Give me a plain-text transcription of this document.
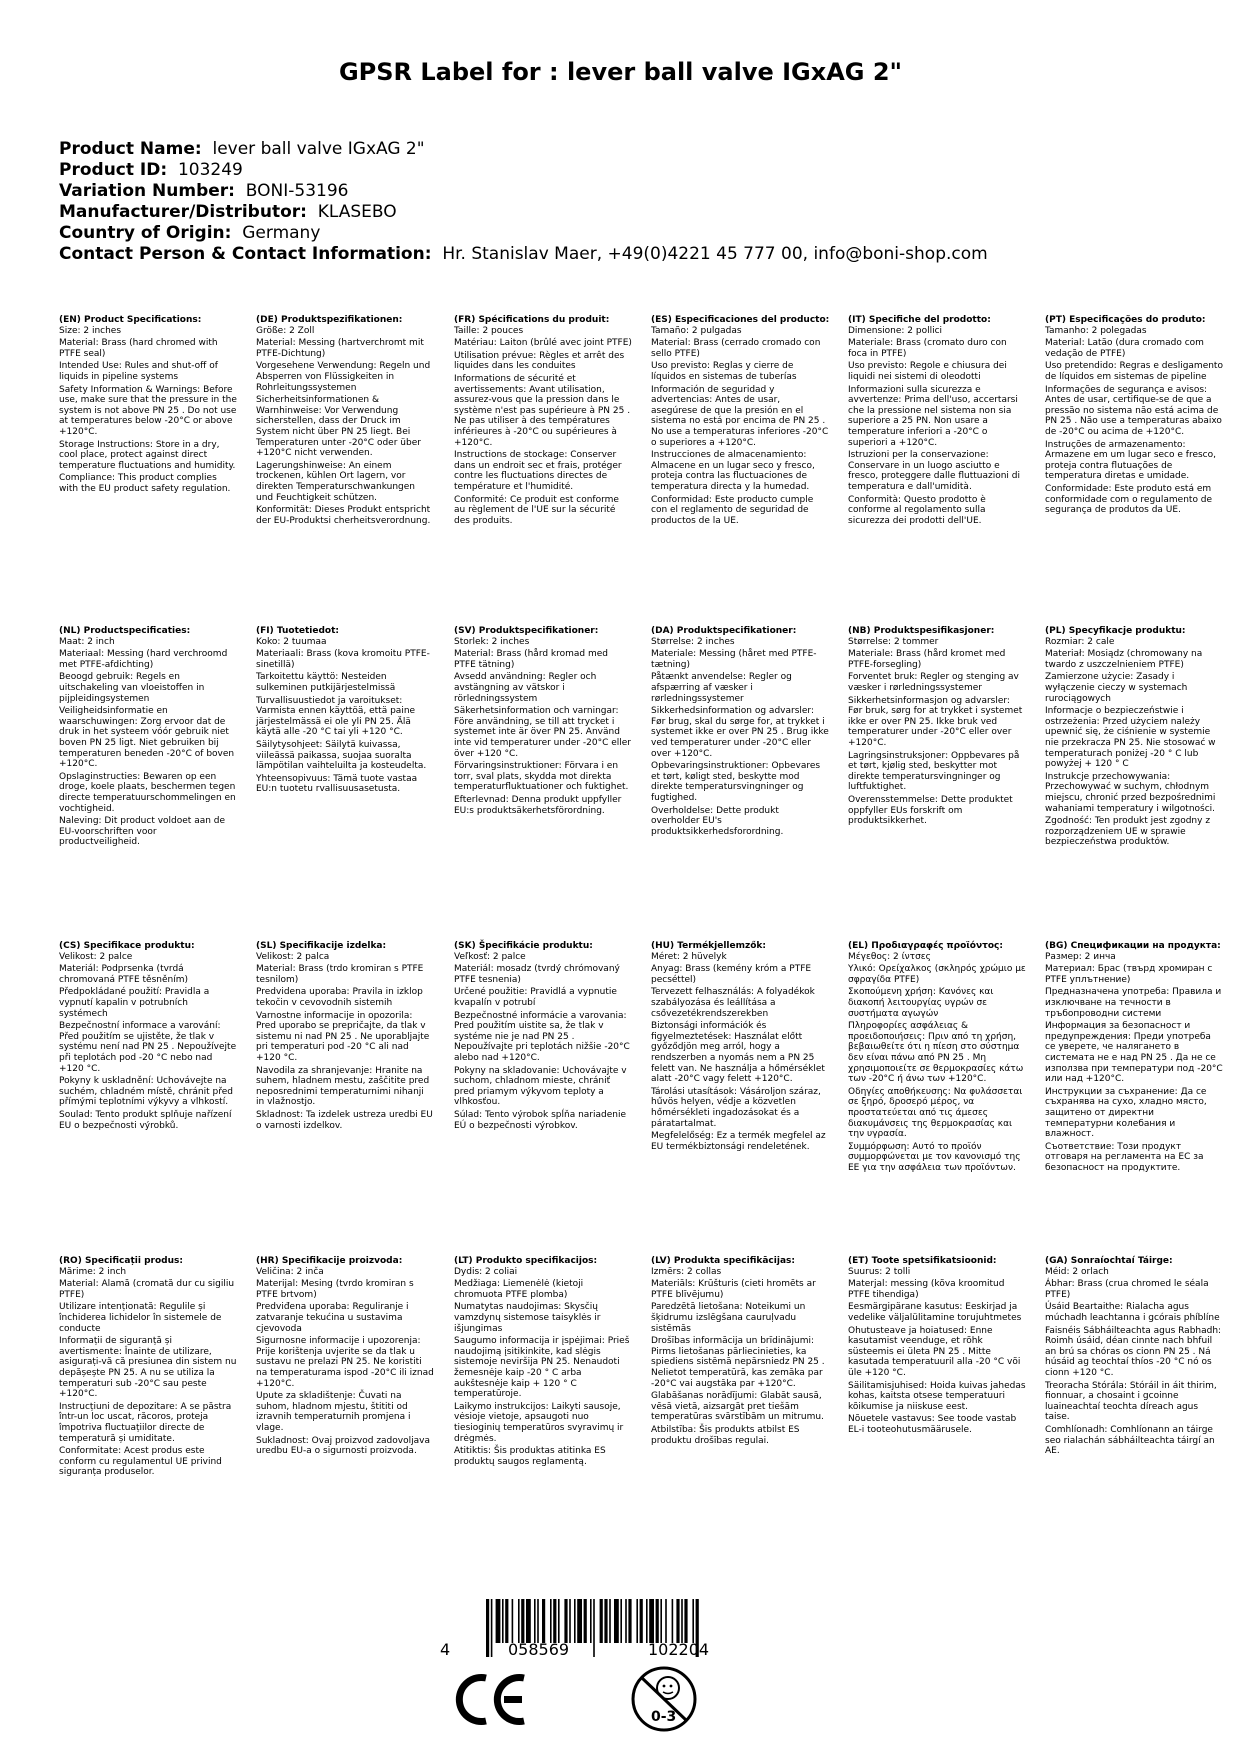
GPSR Label for : lever ball valve IGxAG 2"
Product Name: lever ball valve IGxAG 2"
Product ID: 103249
Variation Number: BONI-53196
Manufacturer/Distributor: KLASEBO
Country of Origin: Germany
Contact Person & Contact Information: Hr. Stanislav Maer, +49(0)4221 45 777 00, info@boni-shop.com
(EN) Product Specifications:
Size: 2 inches
Material: Brass (hard chromed with PTFE seal)
Intended Use: Rules and shut-off of liquids in pipeline systems
Safety Information & Warnings: Before use, make sure that the pressure in the system is not above PN 25 . Do not use at temperatures below -20°C or above +120°C.
Storage Instructions: Store in a dry, cool place, protect against direct temperature fluctuations and humidity.
Compliance: This product complies with the EU product safety regulation.
(DE) Produktspezifikationen:
Größe: 2 Zoll
Material: Messing (hartverchromt mit PTFE-Dichtung)
Vorgesehene Verwendung: Regeln und Absperren von Flüssigkeiten in Rohrleitungssystemen
Sicherheitsinformationen & Warnhinweise: Vor Verwendung sicherstellen, dass der Druck im System nicht über PN 25 liegt. Bei Temperaturen unter -20°C oder über +120°C nicht verwenden.
Lagerungshinweise: An einem trockenen, kühlen Ort lagern, vor direkten Temperaturschwankungen und Feuchtigkeit schützen.
Konformität: Dieses Produkt entspricht der EU-Produktsi cherheitsverordnung.
(FR) Spécifications du produit:
Taille: 2 pouces
Matériau: Laiton (brûlé avec joint PTFE)
Utilisation prévue: Règles et arrêt des liquides dans les conduites
Informations de sécurité et avertissements: Avant utilisation, assurez-vous que la pression dans le système n'est pas supérieure à PN 25 . Ne pas utiliser à des températures inférieures à -20°C ou supérieures à +120°C.
Instructions de stockage: Conserver dans un endroit sec et frais, protéger contre les fluctuations directes de température et l'humidité.
Conformité: Ce produit est conforme au règlement de l'UE sur la sécurité des produits.
(ES) Especificaciones del producto:
Tamaño: 2 pulgadas
Material: Brass (cerrado cromado con sello PTFE)
Uso previsto: Reglas y cierre de líquidos en sistemas de tuberías
Información de seguridad y advertencias: Antes de usar, asegúrese de que la presión en el sistema no está por encima de PN 25 . No use a temperaturas inferiores -20°C o superiores a +120°C.
Instrucciones de almacenamiento: Almacene en un lugar seco y fresco, proteja contra las fluctuaciones de temperatura directa y la humedad.
Conformidad: Este producto cumple con el reglamento de seguridad de productos de la UE.
(IT) Specifiche del prodotto:
Dimensione: 2 pollici
Materiale: Brass (cromato duro con foca in PTFE)
Uso previsto: Regole e chiusura dei liquidi nei sistemi di oleodotti
Informazioni sulla sicurezza e avvertenze: Prima dell'uso, accertarsi che la pressione nel sistema non sia superiore a 25 PN. Non usare a temperature inferiori a -20°C o superiori a +120°C.
Istruzioni per la conservazione: Conservare in un luogo asciutto e fresco, proteggere dalle fluttuazioni di temperatura e dall'umidità.
Conformità: Questo prodotto è conforme al regolamento sulla sicurezza dei prodotti dell'UE.
(PT) Especificações do produto:
Tamanho: 2 polegadas
Material: Latão (dura cromado com vedação de PTFE)
Uso pretendido: Regras e desligamento de líquidos em sistemas de pipeline
Informações de segurança e avisos: Antes de usar, certifique-se de que a pressão no sistema não está acima de PN 25 . Não use a temperaturas abaixo de -20°C ou acima de +120°C.
Instruções de armazenamento: Armazene em um lugar seco e fresco, proteja contra flutuações de temperatura diretas e umidade.
Conformidade: Este produto está em conformidade com o regulamento de segurança de produtos da UE.
(NL) Productspecificaties:
Maat: 2 inch
Materiaal: Messing (hard verchroomd met PTFE-afdichting)
Beoogd gebruik: Regels en uitschakeling van vloeistoffen in pijpleidingsystemen
Veiligheidsinformatie en waarschuwingen: Zorg ervoor dat de druk in het systeem vóór gebruik niet boven PN 25 ligt. Niet gebruiken bij temperaturen beneden -20°C of boven +120°C.
Opslaginstructies: Bewaren op een droge, koele plaats, beschermen tegen directe temperatuurschommelingen en vochtigheid.
Naleving: Dit product voldoet aan de EU-voorschriften voor productveiligheid.
(FI) Tuotetiedot:
Koko: 2 tuumaa
Materiaali: Brass (kova kromoitu PTFE-sinetillä)
Tarkoitettu käyttö: Nesteiden sulkeminen putkijärjestelmissä
Turvallisuustiedot ja varoitukset: Varmista ennen käyttöä, että paine järjestelmässä ei ole yli PN 25. Älä käytä alle -20 °C tai yli +120 °C.
Säilytysohjeet: Säilytä kuivassa, viileässä paikassa, suojaa suoralta lämpötilan vaihteluilta ja kosteudelta.
Yhteensopivuus: Tämä tuote vastaa EU:n tuotetu rvallisuusasetusta.
(SV) Produktspecifikationer:
Storlek: 2 inches
Material: Brass (hård kromad med PTFE tätning)
Avsedd användning: Regler och avstängning av vätskor i rörledningssystem
Säkerhetsinformation och varningar: Före användning, se till att trycket i systemet inte är över PN 25. Använd inte vid temperaturer under -20°C eller över +120 °C.
Förvaringsinstruktioner: Förvara i en torr, sval plats, skydda mot direkta temperaturfluktuationer och fuktighet.
Efterlevnad: Denna produkt uppfyller EU:s produktsäkerhetsförordning.
(DA) Produktspecifikationer:
Størrelse: 2 inches
Materiale: Messing (håret med PTFE-tætning)
Påtænkt anvendelse: Regler og afspærring af væsker i rørledningssystemer
Sikkerhedsinformation og advarsler: Før brug, skal du sørge for, at trykket i systemet ikke er over PN 25 . Brug ikke ved temperaturer under -20°C eller over +120°C.
Opbevaringsinstruktioner: Opbevares et tørt, køligt sted, beskytte mod direkte temperatursvingninger og fugtighed.
Overholdelse: Dette produkt overholder EU's produktsikkerhedsforordning.
(NB) Produktspesifikasjoner:
Størrelse: 2 tommer
Materiale: Brass (hård kromet med PTFE-forsegling)
Forventet bruk: Regler og stenging av væsker i rørledningssystemer
Sikkerhetsinformasjon og advarsler: Før bruk, sørg for at trykket i systemet ikke er over PN 25. Ikke bruk ved temperaturer under -20°C eller over +120°C.
Lagringsinstruksjoner: Oppbevares på et tørt, kjølig sted, beskytter mot direkte temperatursvingninger og luftfuktighet.
Overensstemmelse: Dette produktet oppfyller EUs forskrift om produktsikkerhet.
(PL) Specyfikacje produktu:
Rozmiar: 2 cale
Materiał: Mosiądz (chromowany na twardo z uszczelnieniem PTFE)
Zamierzone użycie: Zasady i wyłączenie cieczy w systemach rurociągowych
Informacje o bezpieczeństwie i ostrzeżenia: Przed użyciem należy upewnić się, że ciśnienie w systemie nie przekracza PN 25. Nie stosować w temperaturach poniżej -20 ° C lub powyżej + 120 ° C
Instrukcje przechowywania: Przechowywać w suchym, chłodnym miejscu, chronić przed bezpośrednimi wahaniami temperatury i wilgotności.
Zgodność: Ten produkt jest zgodny z rozporządzeniem UE w sprawie bezpieczeństwa produktów.
(CS) Specifikace produktu:
Velikost: 2 palce
Materiál: Podprsenka (tvrdá chromovaná PTFE těsněním)
Předpokládané použití: Pravidla a vypnutí kapalin v potrubních systémech
Bezpečnostní informace a varování: Před použitím se ujistěte, že tlak v systému není nad PN 25 . Nepoužívejte při teplotách pod -20 °C nebo nad +120 °C.
Pokyny k uskladnění: Uchovávejte na suchém, chladném místě, chránit před přímými teplotními výkyvy a vlhkostí.
Soulad: Tento produkt splňuje nařízení EU o bezpečnosti výrobků.
(SL) Specifikacije izdelka:
Velikost: 2 palca
Material: Brass (trdo kromiran s PTFE tesnilom)
Predvidena uporaba: Pravila in izklop tekočin v cevovodnih sistemih
Varnostne informacije in opozorila: Pred uporabo se prepričajte, da tlak v sistemu ni nad PN 25 . Ne uporabljajte pri temperaturi pod -20 °C ali nad +120 °C.
Navodila za shranjevanje: Hranite na suhem, hladnem mestu, zaščitite pred neposrednimi temperaturnimi nihanji in vlažnostjo.
Skladnost: Ta izdelek ustreza uredbi EU o varnosti izdelkov.
(SK) Špecifikácie produktu:
Veľkosť: 2 palce
Materiál: mosadz (tvrdý chrómovaný PTFE tesnenia)
Určené použitie: Pravidlá a vypnutie kvapalín v potrubí
Bezpečnostné informácie a varovania: Pred použitím uistite sa, že tlak v systéme nie je nad PN 25 . Nepoužívajte pri teplotách nižšie -20°C alebo nad +120°C.
Pokyny na skladovanie: Uchovávajte v suchom, chladnom mieste, chrániť pred priamym výkyvom teploty a vlhkosťou.
Súlad: Tento výrobok spĺňa nariadenie EÚ o bezpečnosti výrobkov.
(HU) Termékjellemzők:
Méret: 2 hüvelyk
Anyag: Brass (kemény króm a PTFE pecséttel)
Tervezett felhasználás: A folyadékok szabályozása és leállítása a csővezetékrendszerekben
Biztonsági információk és figyelmeztetések: Használat előtt győződjön meg arról, hogy a rendszerben a nyomás nem a PN 25 felett van. Ne használja a hőmérséklet alatt -20°C vagy felett +120°C.
Tárolási utasítások: Vásároljon száraz, hűvös helyen, védje a közvetlen hőmérsékleti ingadozásokat és a páratartalmat.
Megfelelőség: Ez a termék megfelel az EU termékbiztonsági rendeletének.
(EL) Προδιαγραφές προϊόντος:
Μέγεθος: 2 ίντσες
Υλικό: Ορείχαλκος (σκληρός χρώμιο με σφραγίδα PTFE)
Σκοπούμενη χρήση: Κανόνες και διακοπή λειτουργίας υγρών σε συστήματα αγωγών
Πληροφορίες ασφάλειας & προειδοποιήσεις: Πριν από τη χρήση, βεβαιωθείτε ότι η πίεση στο σύστημα δεν είναι πάνω από PN 25 . Μη χρησιμοποιείτε σε θερμοκρασίες κάτω των -20°C ή άνω των +120°C.
Οδηγίες αποθήκευσης: Να φυλάσσεται σε ξηρό, δροσερό μέρος, να προστατεύεται από τις άμεσες διακυμάνσεις της θερμοκρασίας και την υγρασία.
Συμμόρφωση: Αυτό το προϊόν συμμορφώνεται με τον κανονισμό της ΕΕ για την ασφάλεια των προϊόντων.
(BG) Спецификации на продукта:
Размер: 2 инча
Материал: Брас (твърд хромиран с PTFE уплътнение)
Предназначена употреба: Правила и изключване на течности в тръбопроводни системи
Информация за безопасност и предупреждения: Преди употреба се уверете, че налягането в системата не е над PN 25 . Да не се използва при температури под -20°C или над +120°C.
Инструкции за съхранение: Да се съхранява на сухо, хладно място, защитено от директни температурни колебания и влажност.
Съответствие: Този продукт отговаря на регламента на ЕС за безопасност на продуктите.
(RO) Specificații produs:
Mărime: 2 inch
Material: Alamă (cromată dur cu sigiliu PTFE)
Utilizare intenționată: Regulile și închiderea lichidelor în sistemele de conducte
Informații de siguranță și avertismente: Înainte de utilizare, asigurați-vă că presiunea din sistem nu depășește PN 25. A nu se utiliza la temperaturi sub -20°C sau peste +120°C.
Instrucțiuni de depozitare: A se păstra într-un loc uscat, răcoros, proteja împotriva fluctuațiilor directe de temperatură și umiditate.
Conformitate: Acest produs este conform cu regulamentul UE privind siguranța produselor.
(HR) Specifikacije proizvoda:
Veličina: 2 inča
Materijal: Mesing (tvrdo kromiran s PTFE brtvom)
Predviđena uporaba: Reguliranje i zatvaranje tekućina u sustavima cjevovoda
Sigurnosne informacije i upozorenja: Prije korištenja uvjerite se da tlak u sustavu ne prelazi PN 25. Ne koristiti na temperaturama ispod -20°C ili iznad +120°C.
Upute za skladištenje: Čuvati na suhom, hladnom mjestu, štititi od izravnih temperaturnih promjena i vlage.
Sukladnost: Ovaj proizvod zadovoljava uredbu EU-a o sigurnosti proizvoda.
(LT) Produkto specifikacijos:
Dydis: 2 coliai
Medžiaga: Liemenėlė (kietoji chromuota PTFE plomba)
Numatytas naudojimas: Skysčių vamzdynų sistemose taisyklės ir išjungimas
Saugumo informacija ir įspėjimai: Prieš naudojimą įsitikinkite, kad slėgis sistemoje neviršija PN 25. Nenaudoti žemesnėje kaip -20 ° C arba aukštesnėje kaip + 120 ° C temperatūroje.
Laikymo instrukcijos: Laikyti sausoje, vėsioje vietoje, apsaugoti nuo tiesioginių temperatūros svyravimų ir drėgmės.
Atitiktis: Šis produktas atitinka ES produktų saugos reglamentą.
(LV) Produkta specifikācijas:
Izmērs: 2 collas
Materiāls: Krūšturis (cieti hromēts ar PTFE blīvējumu)
Paredzētā lietošana: Noteikumi un šķidrumu izslēgšana cauruļvadu sistēmās
Drošības informācija un brīdinājumi: Pirms lietošanas pārliecinieties, ka spiediens sistēmā nepārsniedz PN 25 . Nelietot temperatūrā, kas zemāka par -20°C vai augstāka par +120°C.
Glabāšanas norādījumi: Glabāt sausā, vēsā vietā, aizsargāt pret tiešām temperatūras svārstībām un mitrumu.
Atbilstība: Šis produkts atbilst ES produktu drošības regulai.
(ET) Toote spetsifikatsioonid:
Suurus: 2 tolli
Materjal: messing (kõva kroomitud PTFE tihendiga)
Eesmärgipärane kasutus: Eeskirjad ja vedelike väljalülitamine torujuhtmetes
Ohutusteave ja hoiatused: Enne kasutamist veenduge, et rõhk süsteemis ei ületa PN 25 . Mitte kasutada temperatuuril alla -20 °C või üle +120 °C.
Säilitamisjuhised: Hoida kuivas jahedas kohas, kaitsta otsese temperatuuri kõikumise ja niiskuse eest.
Nõuetele vastavus: See toode vastab EL-i tooteohutusmäärusele.
(GA) Sonraíochtaí Táirge:
Méid: 2 orlach
Ábhar: Brass (crua chromed le séala PTFE)
Úsáid Beartaithe: Rialacha agus múchadh leachtanna i gcórais phíblíne
Faisnéis Sábháilteachta agus Rabhadh: Roimh úsáid, déan cinnte nach bhfuil an brú sa chóras os cionn PN 25 . Ná húsáid ag teochtaí thíos -20 °C nó os cionn +120 °C.
Treoracha Stórála: Stóráil in áit thirim, fionnuar, a chosaint i gcoinne luaineachtaí teochta díreach agus taise.
Comhlíonadh: Comhlíonann an táirge seo rialachán sábháilteachta táirgí an AE.
4	058569	102204
0-3
